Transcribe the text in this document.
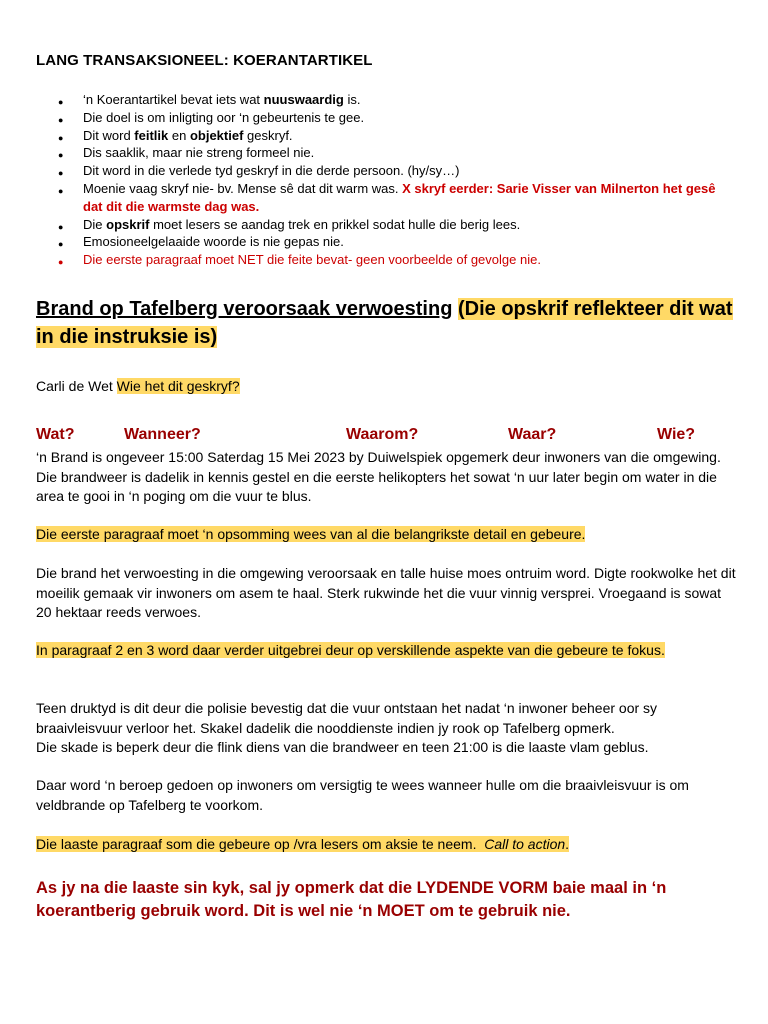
LANG TRANSAKSIONEEL: KOERANTARTIKEL
● ‘n Koerantartikel bevat iets wat nuuswaardig is.
● Die doel is om inligting oor ‘n gebeurtenis te gee.
● Dit word feitlik en objektief geskryf.
● Dis saaklik, maar nie streng formeel nie.
● Dit word in die verlede tyd geskryf in die derde persoon. (hy/sy…)
● Moenie vaag skryf nie- bv. Mense sê dat dit warm was. X skryf eerder: Sarie Visser van Milnerton het gesê dat dit die warmste dag was.
● Die opskrif moet lesers se aandag trek en prikkel sodat hulle die berig lees.
● Emosioneelgelaaide woorde is nie gepas nie.
● Die eerste paragraaf moet NET die feite bevat- geen voorbeelde of gevolge nie.
Brand op Tafelberg veroorsaak verwoesting (Die opskrif reflekteer dit wat in die instruksie is)
Carli de Wet Wie het dit geskryf?
Wat?	Wanneer?	Waarom?	Waar?	Wie?
‘n Brand is ongeveer 15:00 Saterdag 15 Mei 2023 by Duiwelspiek opgemerk deur inwoners van die omgewing. Die brandweer is dadelik in kennis gestel en die eerste helikopters het sowat ‘n uur later begin om water in die area te gooi in ‘n poging om die vuur te blus.
Die eerste paragraaf moet ‘n opsomming wees van al die belangrikste detail en gebeure.
Die brand het verwoesting in die omgewing veroorsaak en talle huise moes ontruim word. Digte rookwolke het dit moeilik gemaak vir inwoners om asem te haal. Sterk rukwinde het die vuur vinnig versprei. Vroegaand is sowat 20 hektaar reeds verwoes.
In paragraaf 2 en 3 word daar verder uitgebrei deur op verskillende aspekte van die gebeure te fokus.
Teen druktyd is dit deur die polisie bevestig dat die vuur ontstaan het nadat ‘n inwoner beheer oor sy braaivleisvuur verloor het. Skakel dadelik die nooddienste indien jy rook op Tafelberg opmerk.
Die skade is beperk deur die flink diens van die brandweer en teen 21:00 is die laaste vlam geblus.
Daar word ‘n beroep gedoen op inwoners om versigtig te wees wanneer hulle om die braaivleisvuur is om veldbrande op Tafelberg te voorkom.
Die laaste paragraaf som die gebeure op /vra lesers om aksie te neem.  Call to action.
As jy na die laaste sin kyk, sal jy opmerk dat die LYDENDE VORM baie maal in ‘n koerantberig gebruik word. Dit is wel nie ‘n MOET om te gebruik nie.
